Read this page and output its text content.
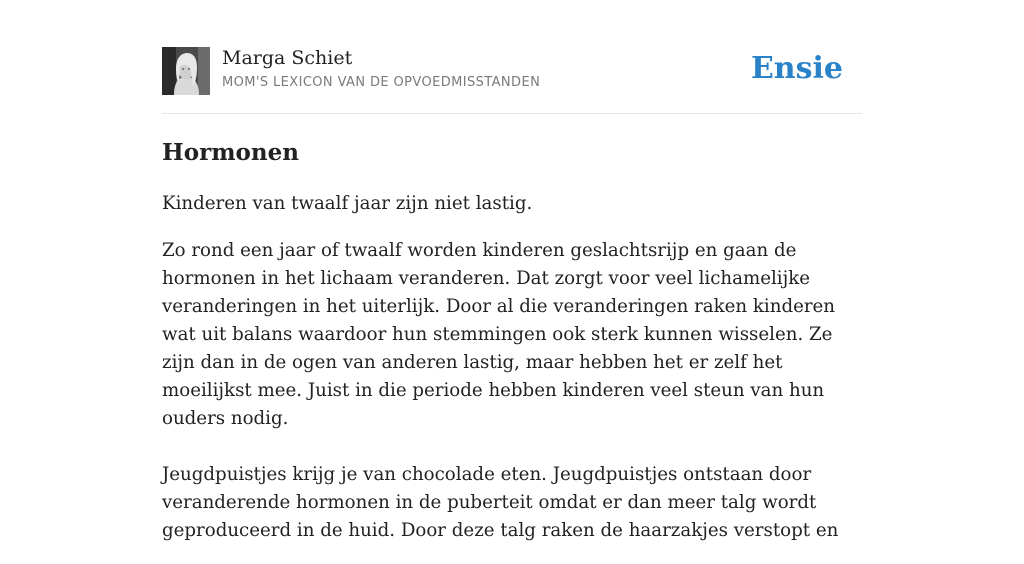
Marga Schiet
MOM'S LEXICON VAN DE OPVOEDMISSTANDEN	Ensie
Hormonen

Kinderen van twaalf jaar zijn niet lastig.

Zo rond een jaar of twaalf worden kinderen geslachtsrijp en gaan de hormonen in het lichaam veranderen. Dat zorgt voor veel lichamelijke veranderingen in het uiterlijk. Door al die veranderingen raken kinderen wat uit balans waardoor hun stemmingen ook sterk kunnen wisselen. Ze zijn dan in de ogen van anderen lastig, maar hebben het er zelf het moeilijkst mee. Juist in die periode hebben kinderen veel steun van hun ouders nodig.

Jeugdpuistjes krijg je van chocolade eten. Jeugdpuistjes ontstaan door veranderende hormonen in de puberteit omdat er dan meer talg wordt geproduceerd in de huid. Door deze talg raken de haarzakjes verstopt en
